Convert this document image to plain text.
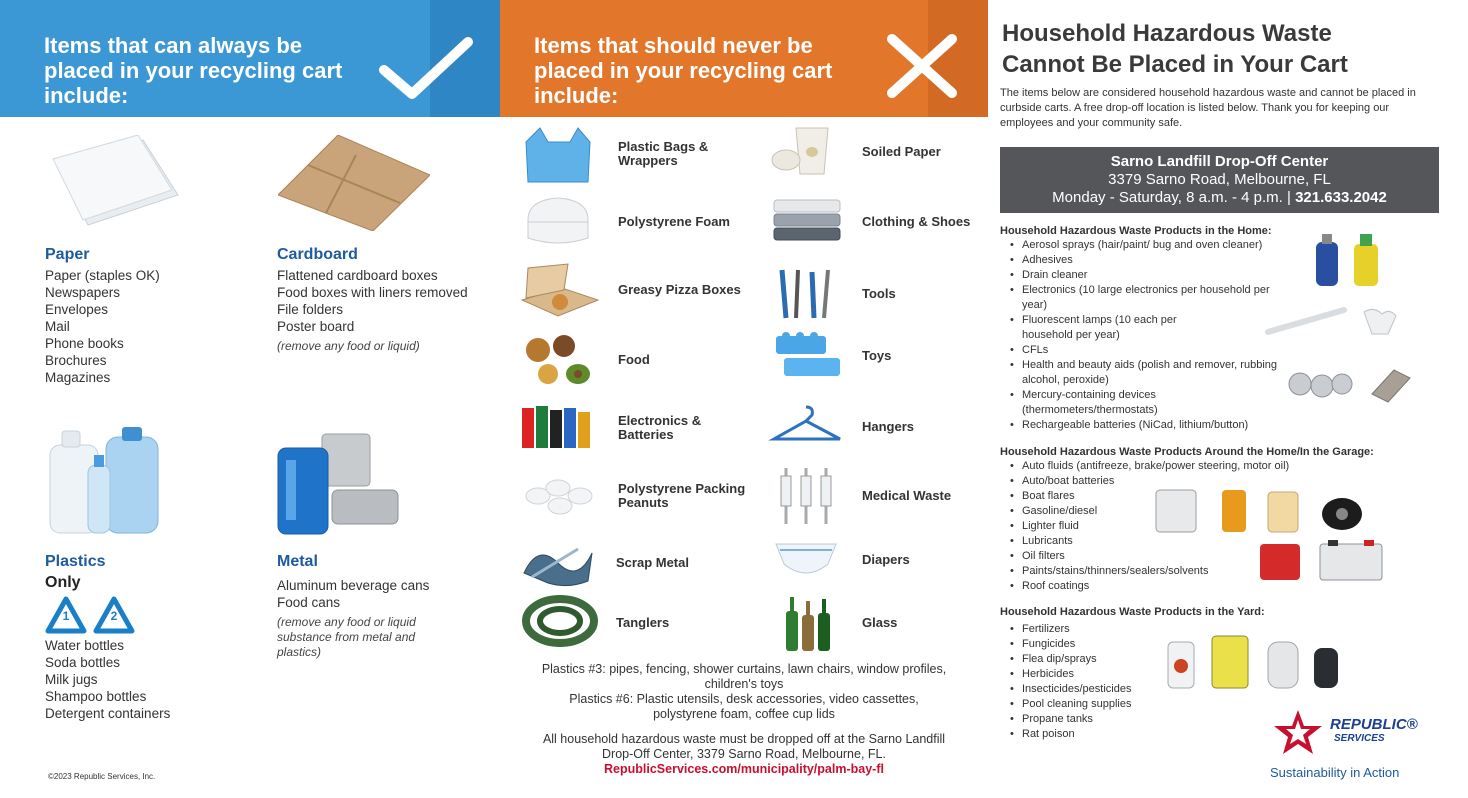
Items that can always be placed in your recycling cart include:
Paper
Paper (staples OK)
Newspapers
Envelopes
Mail
Phone books
Brochures
Magazines
Cardboard
Flattened cardboard boxes
Food boxes with liners removed
File folders
Poster board
(remove any food or liquid)
Plastics
Only
1	2
Water bottles
Soda bottles
Milk jugs
Shampoo bottles
Detergent containers
Metal
Aluminum beverage cans
Food cans
(remove any food or liquid substance from metal and plastics)
©2023 Republic Services, Inc.
Items that should never be placed in your recycling cart include:
Plastic Bags & Wrappers
Polystyrene Foam
Greasy Pizza Boxes
Food
Electronics & Batteries
Polystyrene Packing Peanuts
Scrap Metal
Tanglers
Soiled Paper
Clothing & Shoes
Tools
Toys
Hangers
Medical Waste
Diapers
Glass

Plastics #3: pipes, fencing, shower curtains, lawn chairs, window profiles, children's toys

Plastics #6: Plastic utensils, desk accessories, video cassettes, polystyrene foam, coffee cup lids

All household hazardous waste must be dropped off at the Sarno Landfill Drop-Off Center, 3379 Sarno Road, Melbourne, FL.

RepublicServices.com/municipality/palm-bay-fl

Household Hazardous Waste
Cannot Be Placed in Your Cart

The items below are considered household hazardous waste and cannot be placed in curbside carts. A free drop-off location is listed below. Thank you for keeping our employees and your community safe.

Sarno Landfill Drop-Off Center
3379 Sarno Road, Melbourne, FL
Monday - Saturday, 8 a.m. - 4 p.m. | 321.633.2042
Household Hazardous Waste Products in the Home:
• Aerosol sprays (hair/paint/ bug and oven cleaner)
• Adhesives
• Drain cleaner
• Electronics (10 large electronics per household per year)
• Fluorescent lamps (10 each per household per year)
• CFLs
• Health and beauty aids (polish and remover, rubbing alcohol, peroxide)
• Mercury-containing devices (thermometers/thermostats)
• Rechargeable batteries (NiCad, lithium/button)
Household Hazardous Waste Products Around the Home/In the Garage:
• Auto fluids (antifreeze, brake/power steering, motor oil)
• Auto/boat batteries
• Boat flares
• Gasoline/diesel
• Lighter fluid
• Lubricants
• Oil filters
• Paints/stains/thinners/sealers/solvents
• Roof coatings
Household Hazardous Waste Products in the Yard:
• Fertilizers
• Fungicides
• Flea dip/sprays
• Herbicides
• Insecticides/pesticides
• Pool cleaning supplies
• Propane tanks
• Rat poison
REPUBLIC®
SERVICES
Sustainability in Action
